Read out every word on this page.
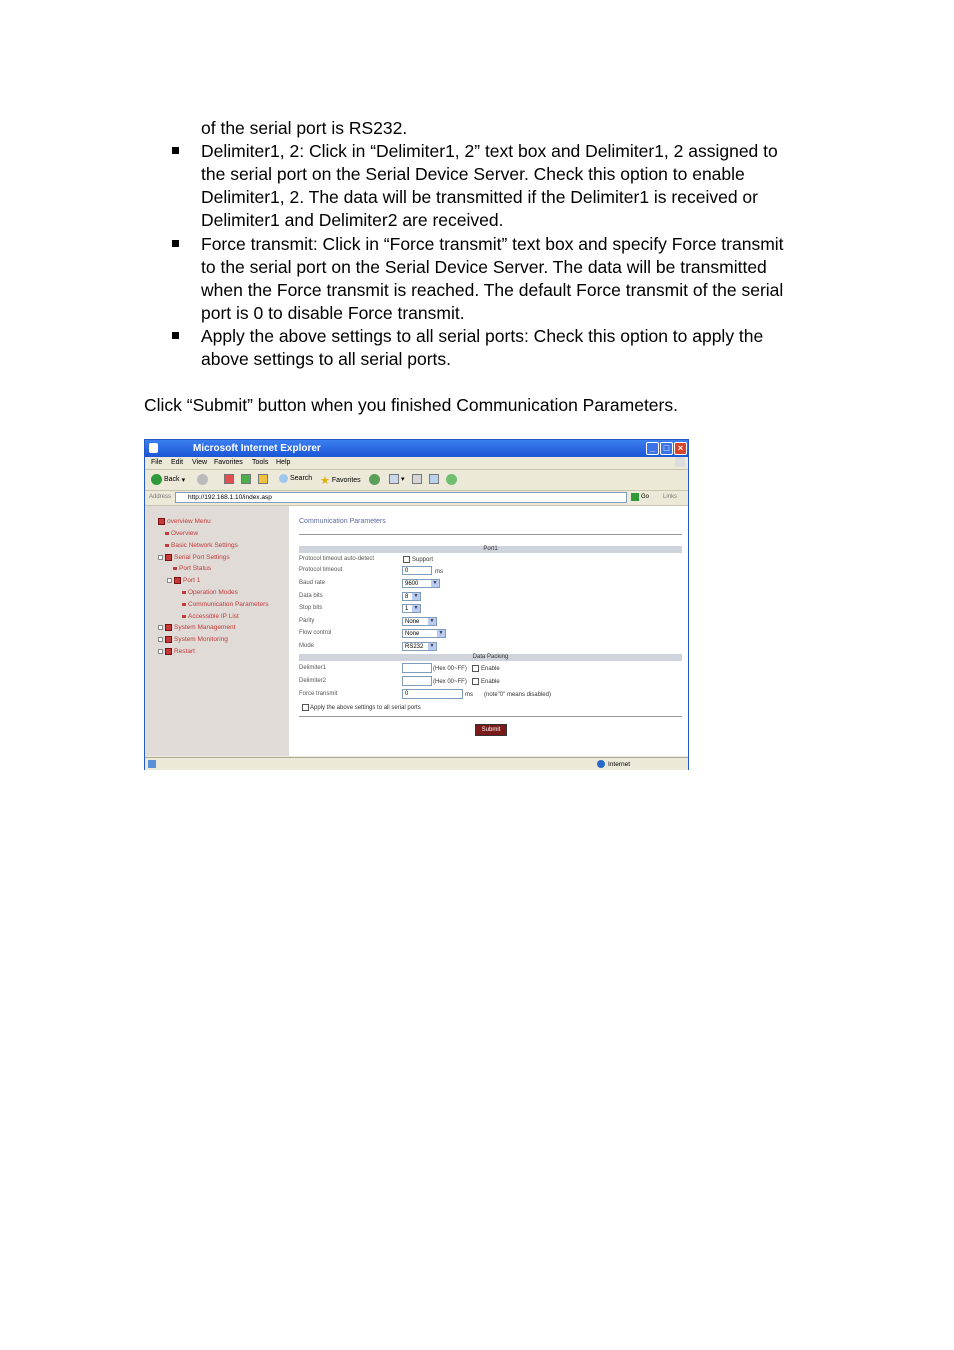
of the serial port is RS232.
Delimiter1, 2: Click in “Delimiter1, 2” text box and Delimiter1, 2 assigned to
the serial port on the Serial Device Server. Check this option to enable
Delimiter1, 2. The data will be transmitted if the Delimiter1 is received or
Delimiter1 and Delimiter2 are received.
Force transmit: Click in “Force transmit” text box and specify Force transmit
to the serial port on the Serial Device Server. The data will be transmitted
when the Force transmit is reached. The default Force transmit of the serial
port is 0 to disable Force transmit.
Apply the above settings to all serial ports: Check this option to apply the
above settings to all serial ports.
Click “Submit” button when you finished Communication Parameters.
Microsoft Internet Explorer	_ □ ×
File Edit View Favorites Tools Help
Back ▾	Search ★ Favorites	▾
Address	http://192.168.1.10/index.asp	Go Links
overview Menu
Overview
Basic Network Settings
Serial Port Settings
Port Status
Port 1
Operation Modes
Communication Parameters
Accessible IP List
System Management
System Monitoring
Restart
Communication Parameters
Port1
Protocol timeout auto-detect	Support
Protocol timeout	0	ms
Baud rate	9600	▼
Data bits	8	▼
Stop bits	1	▼
Parity	None	▼
Flow control	None	▼
Mode	RS232	▼
Data Packing
Delimiter1	(Hex 00~FF) Enable
Delimiter2	(Hex 00~FF) Enable
Force transmit	0	ms (note"0" means disabled)
Apply the above settings to all serial ports
Submit
Internet
